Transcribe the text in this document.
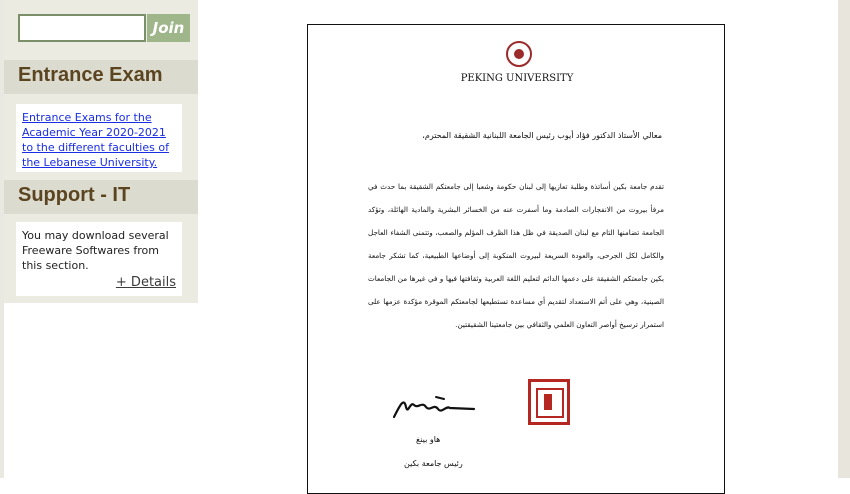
Join
Entrance Exam
Entrance Exams for the Academic Year 2020-2021 to the different faculties of the Lebanese University.
Support - IT
You may download several Freeware Softwares from this section.
+ Details
PEKING UNIVERSITY
معالي الأستاذ الدكتور فؤاد أيوب رئيس الجامعة اللبنانية الشقيقة المحترم،
تقدم جامعة بكين أساتذة وطلبة تعازيها إلى لبنان حكومة وشعبا إلى جامعتكم الشقيقة بما حدث في مرفأ بيروت من الانفجارات الصادمة وما أسفرت عنه من الخسائر البشرية والمادية الهائلة، وتؤكد الجامعة تضامنها التام مع لبنان الصديقة في ظل هذا الظرف المؤلم والصعب، وتتمنى الشفاء العاجل والكامل لكل الجرحى، والعودة السريعة لبيروت المنكوبة إلى أوضاعها الطبيعية، كما تشكر جامعة بكين جامعتكم الشقيقة على دعمها الدائم لتعليم اللغة العربية وثقافتها فيها و في غيرها من الجامعات الصينية، وهي على أتم الاستعداد لتقديم أي مساعدة تستطيعها لجامعتكم الموقرة مؤكدة عزمها على استمرار ترسيخ أواصر التعاون العلمي والثقافي بين جامعتينا الشقيقتين.
هاو بينغ
رئيس جامعة بكين
